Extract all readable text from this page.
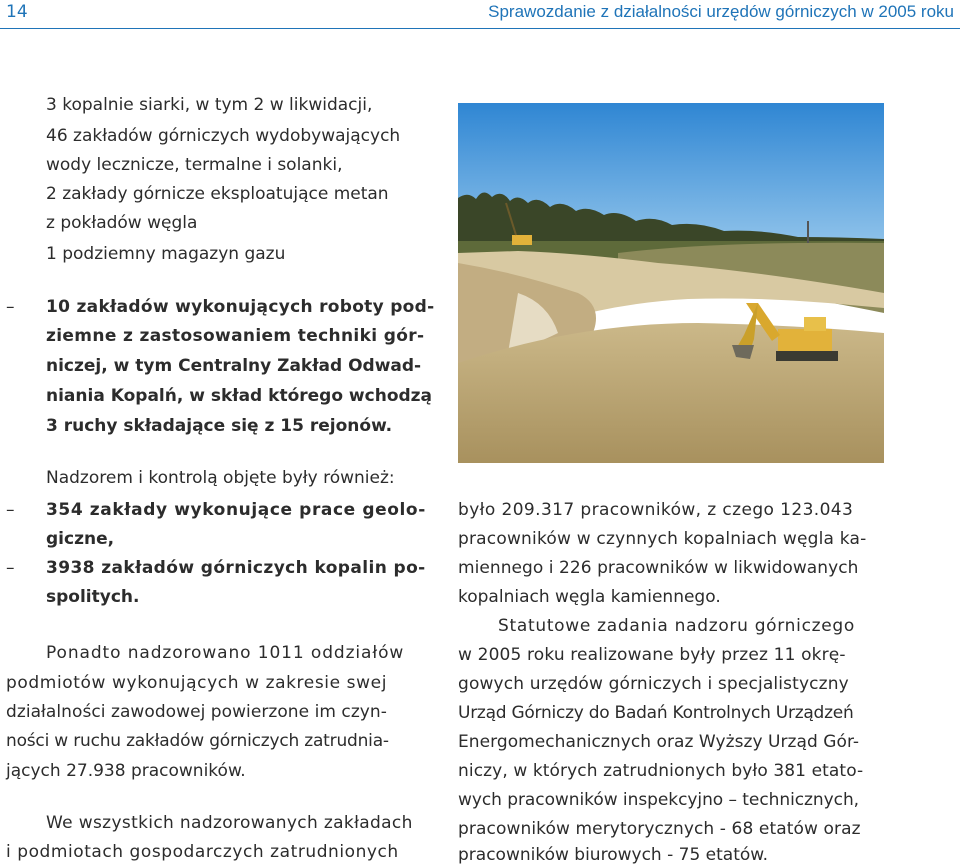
14	Sprawozdanie z działalności urzędów górniczych w 2005 roku
3 kopalnie siarki, w tym 2 w likwidacji,
46 zakładów górniczych wydobywających
wody lecznicze, termalne i solanki,
2 zakłady górnicze eksploatujące metan
z pokładów węgla
1 podziemny magazyn gazu
– 10 zakładów wykonujących roboty pod-
ziemne z zastosowaniem techniki gór-
niczej, w tym Centralny Zakład Odwad-
niania Kopalń, w skład którego wchodzą
3 ruchy składające się z 15 rejonów.
Nadzorem i kontrolą objęte były również:
– 354 zakłady wykonujące prace geolo-
giczne,
– 3938 zakładów górniczych kopalin po-
spolitych.
Ponadto nadzorowano 1011 oddziałów
podmiotów wykonujących w zakresie swej
działalności zawodowej powierzone im czyn-
ności w ruchu zakładów górniczych zatrudnia-
jących 27.938 pracowników.
We wszystkich nadzorowanych zakładach
i podmiotach gospodarczych zatrudnionych
było 209.317 pracowników, z czego 123.043
pracowników w czynnych kopalniach węgla ka-
miennego i 226 pracowników w likwidowanych
kopalniach węgla kamiennego.
Statutowe zadania nadzoru górniczego
w 2005 roku realizowane były przez 11 okrę-
gowych urzędów górniczych i specjalistyczny
Urząd Górniczy do Badań Kontrolnych Urządzeń
Energomechanicznych oraz Wyższy Urząd Gór-
niczy, w których zatrudnionych było 381 etato-
wych pracowników inspekcyjno – technicznych,
pracowników merytorycznych - 68 etatów oraz
pracowników biurowych - 75 etatów.
